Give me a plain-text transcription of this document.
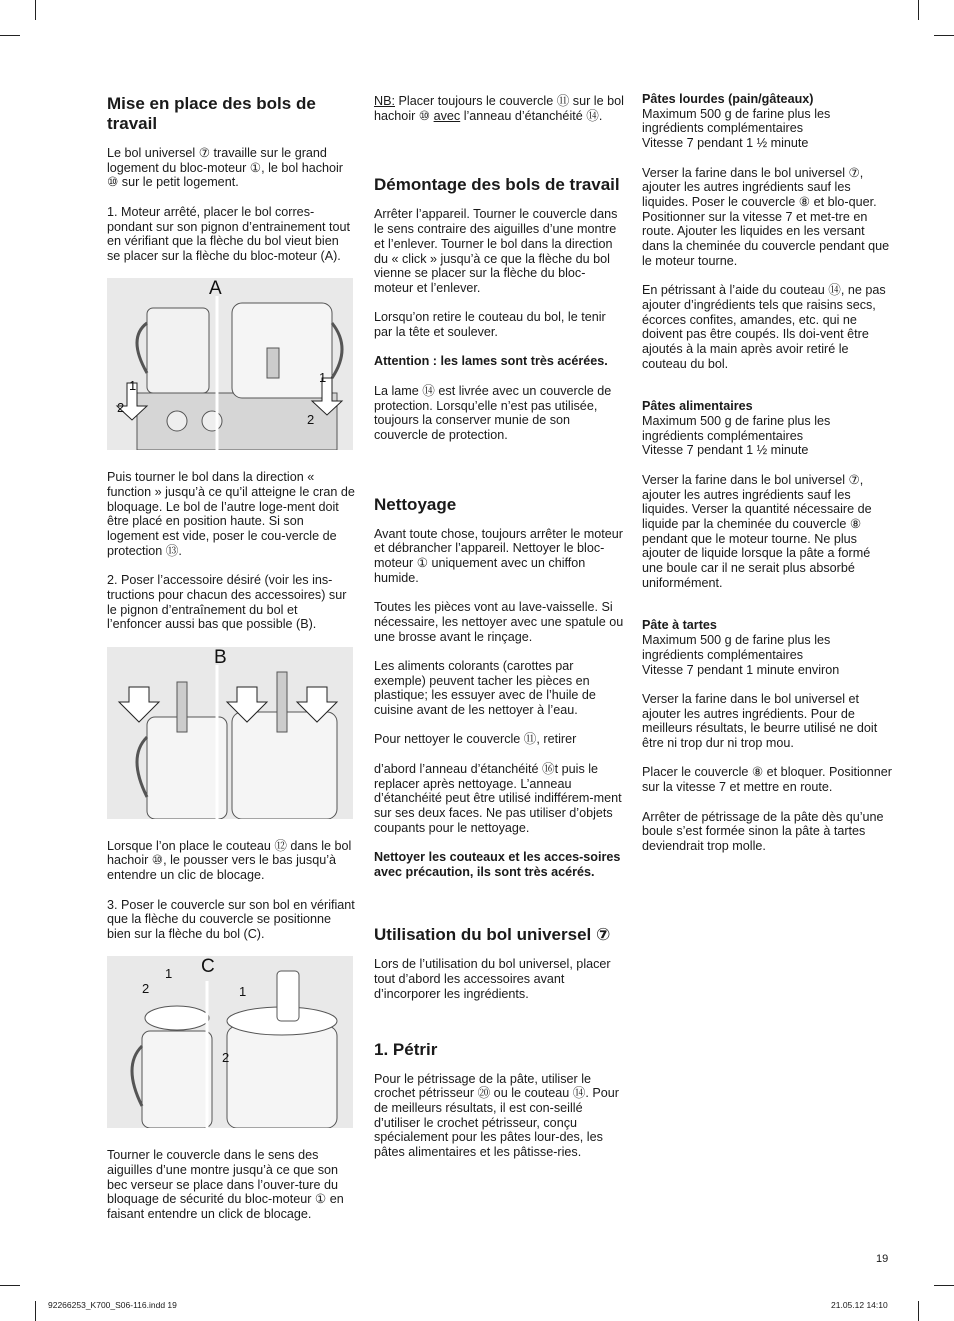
Mise en place des bols de travail

Le bol universel ⑦ travaille sur le grand logement du bloc-moteur ①, le bol hachoir ⑩ sur le petit logement.

1. Moteur arrêté, placer le bol corres-pondant sur son pignon d’entrainement tout en vérifiant que la flèche du bol vieut bien se placer sur la flèche du bloc-moteur (A).

1
2
1
2
A

Puis tourner le bol dans la direction « function » jusqu’à ce qu’il atteigne le cran de bloquage. Le bol de l’autre loge-ment doit être placé en position haute. Si son logement est vide, poser le cou-vercle de protection ⑬.

2. Poser l’accessoire désiré (voir les ins-tructions pour chacun des accessoires) sur le pignon d’entraînement du bol et l’enfoncer aussi bas que possible (B).

B

Lorsque l’on place le couteau ⑫ dans le bol hachoir ⑩, le pousser vers le bas jusqu’à entendre un clic de blocage.

3. Poser le couvercle sur son bol en vérifiant que la flèche du couvercle se positionne bien sur la flèche du bol (C).

2
1
1
2
C

Tourner le couvercle dans le sens des aiguilles d’une montre jusqu’à ce que son bec verseur se place dans l’ouver-ture du bloquage de sécurité du bloc-moteur ① en faisant entendre un click de blocage.

NB: Placer toujours le couvercle ⑪ sur le bol hachoir ⑩ avec l’anneau d’étanchéité ⑭.

Démontage des bols de travail

Arrêter l’appareil. Tourner le couvercle dans le sens contraire des aiguilles d’une montre et l’enlever. Tourner le bol dans la direction du « click » jusqu’à ce que la flèche du bol vienne se placer sur la flèche du bloc-moteur et l’enlever.

Lorsqu’on retire le couteau du bol, le tenir par la tête et soulever.

Attention : les lames sont très acérées.

La lame ⑭ est livrée avec un couvercle de protection. Lorsqu’elle n’est pas utilisée, toujours la conserver munie de son couvercle de protection.

Nettoyage

Avant toute chose, toujours arrêter le moteur et débrancher l’appareil. Nettoyer le bloc-moteur ① uniquement avec un chiffon humide.

Toutes les pièces vont au lave-vaisselle. Si nécessaire, les nettoyer avec une spatule ou une brosse avant le rinçage.

Les aliments colorants (carottes par exemple) peuvent tacher les pièces en plastique; les essuyer avec de l’huile de cuisine avant de les nettoyer à l’eau.

Pour nettoyer le couvercle ⑪, retirer

d’abord l’anneau d’étanchéité ⑯t puis le replacer après nettoyage. L’anneau d’étanchéité peut être utilisé indifférem-ment sur ses deux faces. Ne pas utiliser d’objets coupants pour le nettoyage.

Nettoyer les couteaux et les acces-soires avec précaution, ils sont très acérés.

Utilisation du bol universel ⑦

Lors de l’utilisation du bol universel, placer tout d’abord les accessoires avant d’incorporer les ingrédients.

1. Pétrir

Pour le pétrissage de la pâte, utiliser le crochet pétrisseur ⑳ ou le couteau ⑭. Pour de meilleurs résultats, il est con-seillé d’utiliser le crochet pétrisseur, conçu spécialement pour les pâtes lour-des, les pâtes alimentaires et les pâtisse-ries.

Pâtes lourdes (pain/gâteaux)

Maximum 500 g de farine plus les ingrédients complémentaires
Vitesse 7 pendant 1 ½ minute

Verser la farine dans le bol universel ⑦, ajouter les autres ingrédients sauf les liquides. Poser le couvercle ⑧ et blo-quer. Positionner sur la vitesse 7 et met-tre en route. Ajouter les liquides en les versant dans la cheminée du couvercle pendant que le moteur tourne.

En pétrissant à l’aide du couteau ⑭, ne pas ajouter d’ingrédients tels que raisins secs, écorces confites, amandes, etc. qui ne doivent pas être coupés. Ils doi-vent être ajoutés à la main après avoir retiré le couteau du bol.

Pâtes alimentaires

Maximum 500 g de farine plus les ingrédients complémentaires
Vitesse 7 pendant 1 ½ minute

Verser la farine dans le bol universel ⑦, ajouter les autres ingrédients sauf les liquides. Verser la quantité nécessaire de liquide par la cheminée du couvercle ⑧ pendant que le moteur tourne. Ne plus ajouter de liquide lorsque la pâte a formé une boule car il ne serait plus absorbé uniformément.

Pâte à tartes

Maximum 500 g de farine plus les ingrédients complémentaires
Vitesse 7 pendant 1 minute environ

Verser la farine dans le bol universel et ajouter les autres ingrédients. Pour de meilleurs résultats, le beurre utilisé ne doit être ni trop dur ni trop mou.

Placer le couvercle ⑧ et bloquer. Positionner sur la vitesse 7 et mettre en route.

Arrêter de pétrissage de la pâte dès qu’une boule s’est formée sinon la pâte à tartes deviendrait trop molle.

19
92266253_K700_S06-116.indd 19	21.05.12 14:10
